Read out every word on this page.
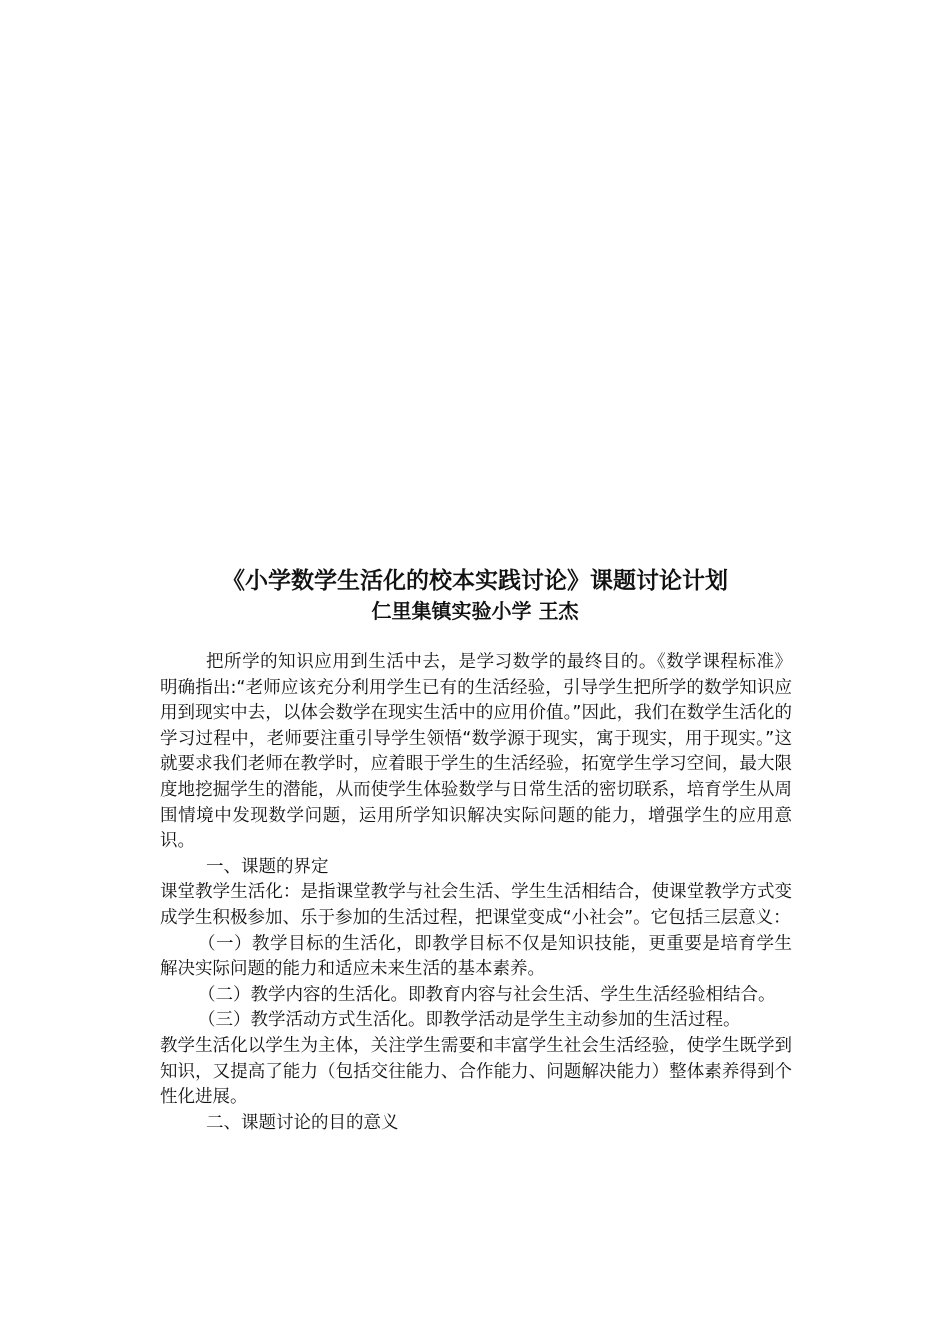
《小学数学生活化的校本实践讨论》课题讨论计划
仁里集镇实验小学 王杰

把所学的知识应用到生活中去，是学习数学的最终目的。《数学课程标准》明确指出:“老师应该充分利用学生已有的生活经验，引导学生把所学的数学知识应用到现实中去，以体会数学在现实生活中的应用价值。”因此，我们在数学生活化的学习过程中，老师要注重引导学生领悟“数学源于现实，寓于现实，用于现实。”这就要求我们老师在教学时，应着眼于学生的生活经验，拓宽学生学习空间，最大限度地挖掘学生的潜能，从而使学生体验数学与日常生活的密切联系，培育学生从周围情境中发现数学问题，运用所学知识解决实际问题的能力，增强学生的应用意识。

一、课题的界定

课堂教学生活化：是指课堂教学与社会生活、学生生活相结合，使课堂教学方式变成学生积极参加、乐于参加的生活过程，把课堂变成“小社会”。它包括三层意义：

（一）教学目标的生活化，即教学目标不仅是知识技能，更重要是培育学生解决实际问题的能力和适应未来生活的基本素养。

（二）教学内容的生活化。即教育内容与社会生活、学生生活经验相结合。

（三）教学活动方式生活化。即教学活动是学生主动参加的生活过程。

教学生活化以学生为主体，关注学生需要和丰富学生社会生活经验，使学生既学到知识，又提高了能力（包括交往能力、合作能力、问题解决能力）整体素养得到个性化进展。

二、课题讨论的目的意义
